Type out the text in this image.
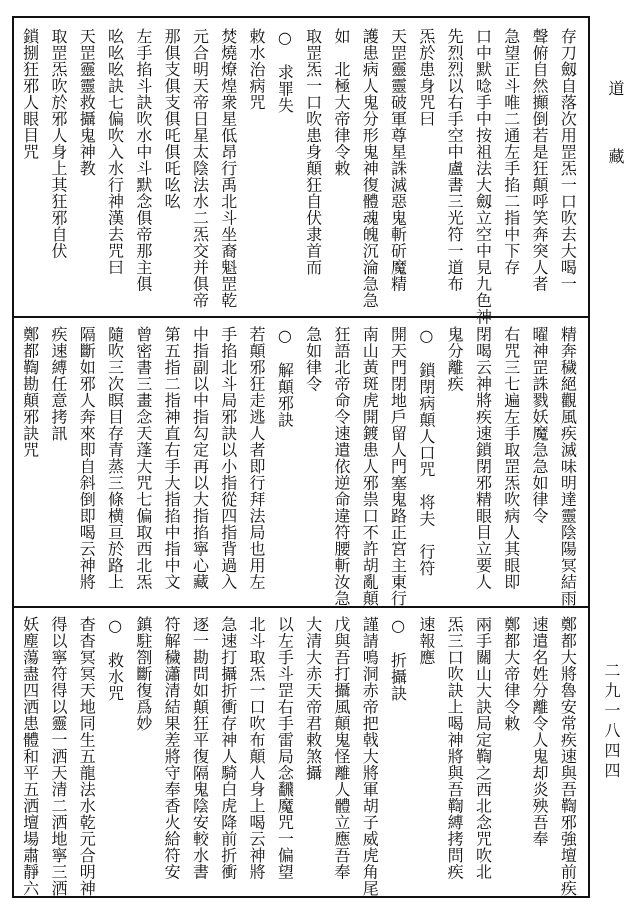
道　藏
存刀劔自落次用罡炁一口吹去大喝一
聲俯自然攧倒若是狂顛呼笑奔突人者
急望正斗唯二通左手掐二指中下存
口中默唸手中按祖法大劔立空中見九色神
先烈烈以右手空中盧書三光符一道布
炁於患身咒曰
天罡靈靈破軍尊星誅滅惡鬼斬斫魔精
護患病人鬼分形鬼神復體魂魄沉淪急急
如　北極大帝律令敕
取罡炁一口吹患身顛狂自伏隶首而
○　求罪失
敕水治病咒
焚燒燎煌衆星低昂行禹北斗坐裔魁罡乾
元合明天帝日星太陰法水二炁交并俱帝
那俱支俱支俱吒俱吒吆吆
左手掐斗訣吹水中斗默念俱帝那主俱
吆吆吆訣七偏吹入水行神漢去咒曰
天罡靈靈救攝鬼神教
取罡炁吹於邪人身上其狂邪自伏
鎖捌狂邪人眼目咒
精奔穢絕觀風疾滅味明達靈陰陽冥結雨
曜神罡誅戮妖魔急急如律令
右咒三七遍左手取罡炁吹病人其眼即
閉喝云神將疾速鎖閉邪精眼目立要人
鬼分離疾
○　鎖閉病顛人口咒　将夫　行符
開天門閉地戶留人門塞鬼路正宮主東行
南山黃斑虎開鍍患人邪祟口不許胡亂顛
狂語北帝命令速遣依逆命違符腰斬汝急
急如律令
○　解顛邪訣
若顛邪狂走逃人者即行拜法局也用左
手掐北斗局邪訣以小指從四指背過入
中指副以中指勾定再以大指掐寧心藏
第五指二指神直右手大指掐中指中文
曾密書三畫念天蓬大咒七偏取西北炁
隨吹三次瞑目存青蒸三條横亘於路上
隔斷如邪人奔來即自斜倒即喝云神將
疾速縛任意拷訊
鄭都鞫勘顛邪訣咒
鄭都大將魯安常疾速與吾鞫邪強壇前疾
速遣名姓分離令人鬼却炎殃吾奉
鄭都大帝律令敕
兩手關山大訣局定鞫之西北念咒吹北
炁三口吹訣上喝神將與吾鞫縛拷問疾
速報應
○　折攝訣
謹請鳴洞赤帝把戟大將軍胡子威虎角尾
戊與吾打攝風顛鬼怪離人體立應吾奉
大清大赤天帝君敕煞攝
以左手斗罡右手雷局念飜魔咒一偏望
北斗取炁一口吹布顛人身上喝云神將
急速打攝折衝存神人騎白虎降前折衝
逐一勘問如顛狂平復隔鬼陰安較水書
符解穢瀟清結果差將守奉香火給符安
鎮駐劄斷復爲妙
○　救水咒
杳杳冥冥天地同生五龍法水乾元合明神
得以寧符得以靈一洒天清二洒地寧三洒
妖塵蕩盡四洒患體和平五洒壇場肅靜六	二九一八四四
